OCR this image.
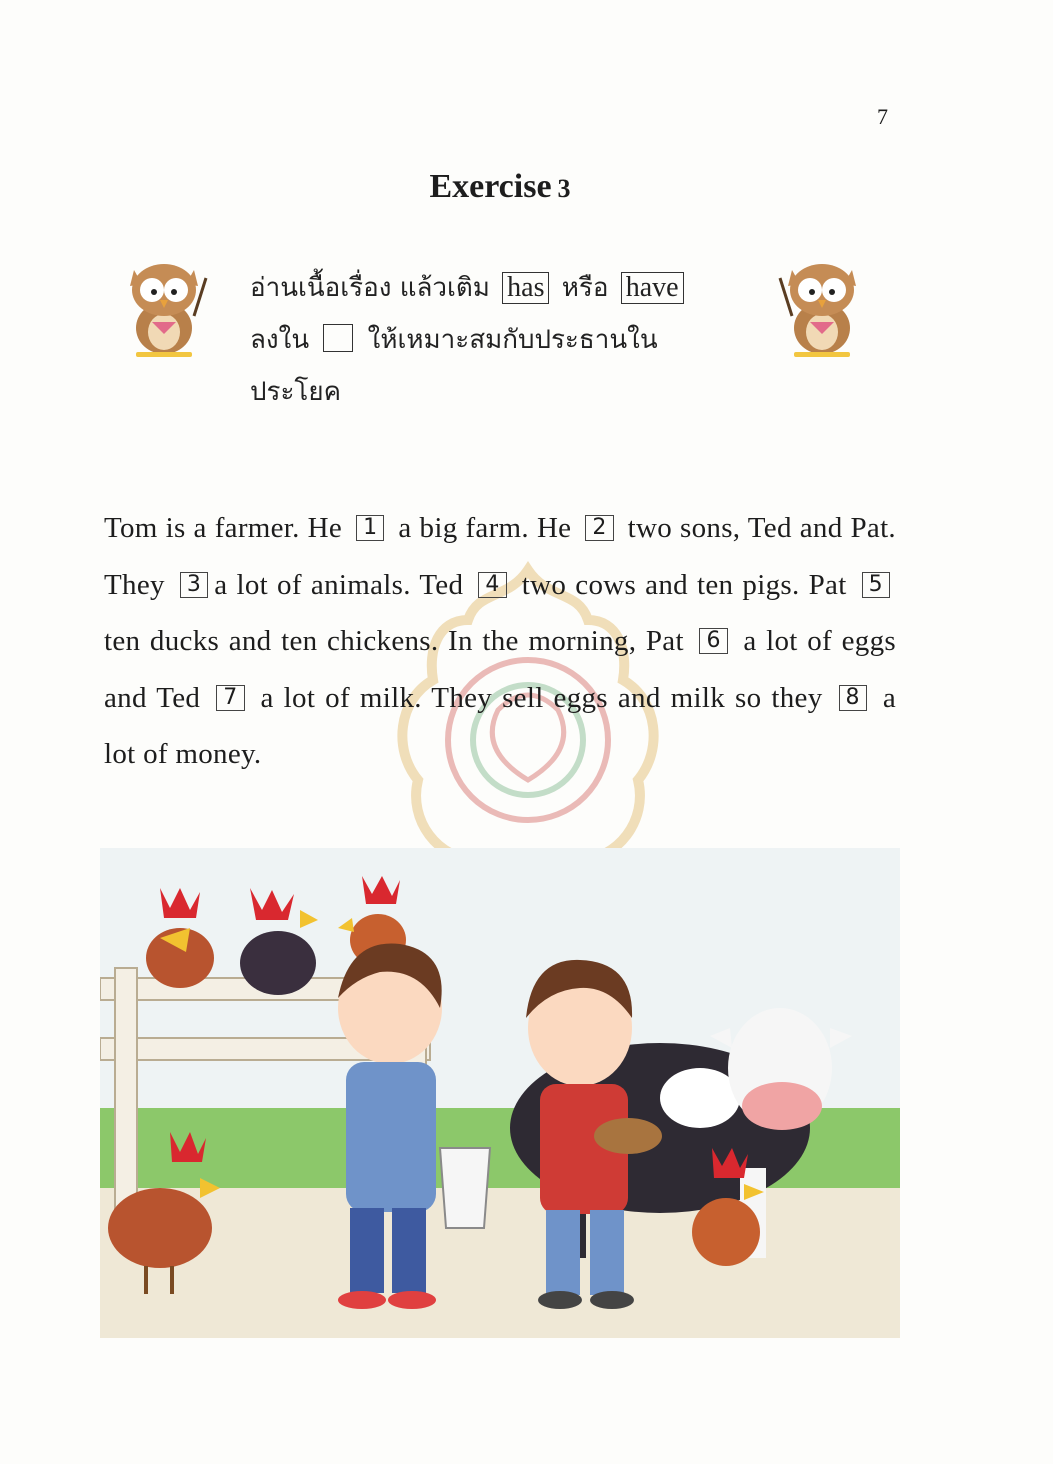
7
Exercise 3
อ่านเนื้อเรื่อง แล้วเติม has หรือ have
ลงใน ให้เหมาะสมกับประธานใน
ประโยค
Tom is a farmer. He 1 a big farm. He 2 two sons, Ted and Pat. They 3 a lot of animals. Ted 4 two cows and ten pigs. Pat 5 ten ducks and ten chickens. In the morning, Pat 6 a lot of eggs and Ted 7 a lot of milk. They sell eggs and milk so they 8 a lot of money.
